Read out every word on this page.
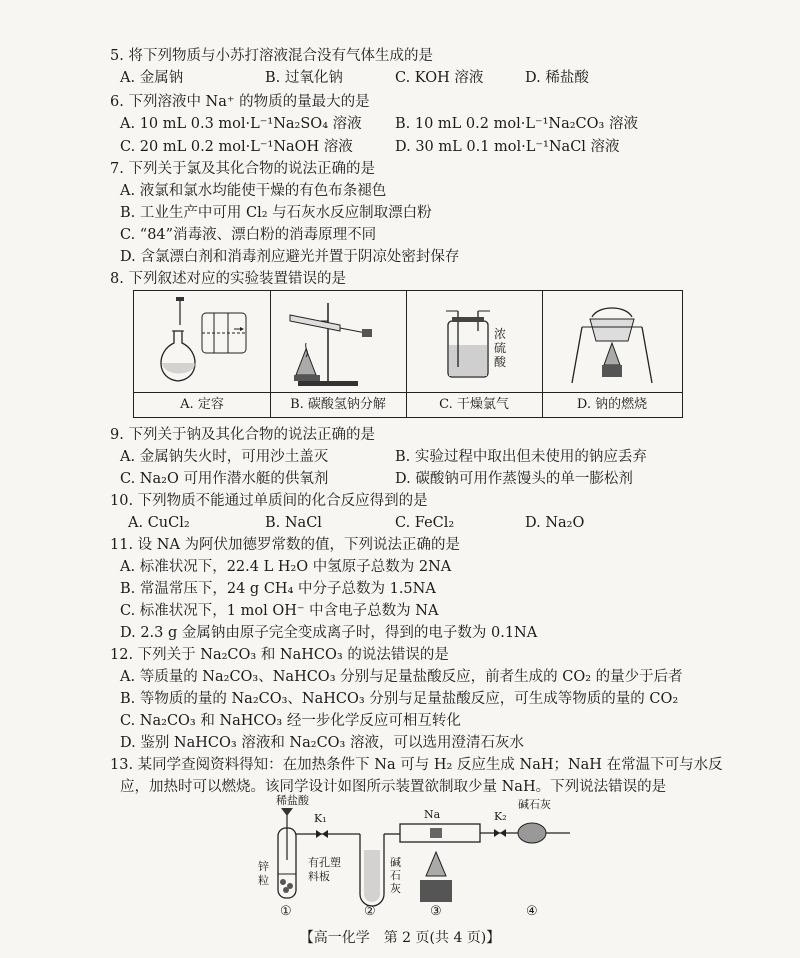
5. 将下列物质与小苏打溶液混合没有气体生成的是
A. 金属钠	B. 过氧化钠	C. KOH 溶液	D. 稀盐酸
6. 下列溶液中 Na⁺ 的物质的量最大的是
A. 10 mL 0.3 mol·L⁻¹Na₂SO₄ 溶液 B. 10 mL 0.2 mol·L⁻¹Na₂CO₃ 溶液
C. 20 mL 0.2 mol·L⁻¹NaOH 溶液	D. 30 mL 0.1 mol·L⁻¹NaCl 溶液
7. 下列关于氯及其化合物的说法正确的是
A. 液氯和氯水均能使干燥的有色布条褪色
B. 工业生产中可用 Cl₂ 与石灰水反应制取漂白粉
C. “84”消毒液、漂白粉的消毒原理不同
D. 含氯漂白剂和消毒剂应避光并置于阴凉处密封保存
8. 下列叙述对应的实验装置错误的是
A. 定容	B. 碳酸氢钠分解
浓硫酸
C. 干燥氯气	D. 钠的燃烧
9. 下列关于钠及其化合物的说法正确的是
A. 金属钠失火时，可用沙土盖灭	B. 实验过程中取出但未使用的钠应丢弃
C. Na₂O 可用作潜水艇的供氧剂	D. 碳酸钠可用作蒸馒头的单一膨松剂
10. 下列物质不能通过单质间的化合反应得到的是
A. CuCl₂	B. NaCl	C. FeCl₂	D. Na₂O
11. 设 NA 为阿伏加德罗常数的值，下列说法正确的是
A. 标准状况下，22.4 L H₂O 中氢原子总数为 2NA
B. 常温常压下，24 g CH₄ 中分子总数为 1.5NA
C. 标准状况下，1 mol OH⁻ 中含电子总数为 NA
D. 2.3 g 金属钠由原子完全变成离子时，得到的电子数为 0.1NA
12. 下列关于 Na₂CO₃ 和 NaHCO₃ 的说法错误的是
A. 等质量的 Na₂CO₃、NaHCO₃ 分别与足量盐酸反应，前者生成的 CO₂ 的量少于后者
B. 等物质的量的 Na₂CO₃、NaHCO₃ 分别与足量盐酸反应，可生成等物质的量的 CO₂
C. Na₂CO₃ 和 NaHCO₃ 经一步化学反应可相互转化
D. 鉴别 NaHCO₃ 溶液和 Na₂CO₃ 溶液，可以选用澄清石灰水
13. 某同学查阅资料得知：在加热条件下 Na 可与 H₂ 反应生成 NaH；NaH 在常温下可与水反
应，加热时可以燃烧。该同学设计如图所示装置欲制取少量 NaH。下列说法错误的是
稀盐酸
K₁	Na	K₂
碱石灰
锌粒
有孔塑料板
碱石灰
①	②	③	④
【高一化学　第 2 页(共 4 页)】
